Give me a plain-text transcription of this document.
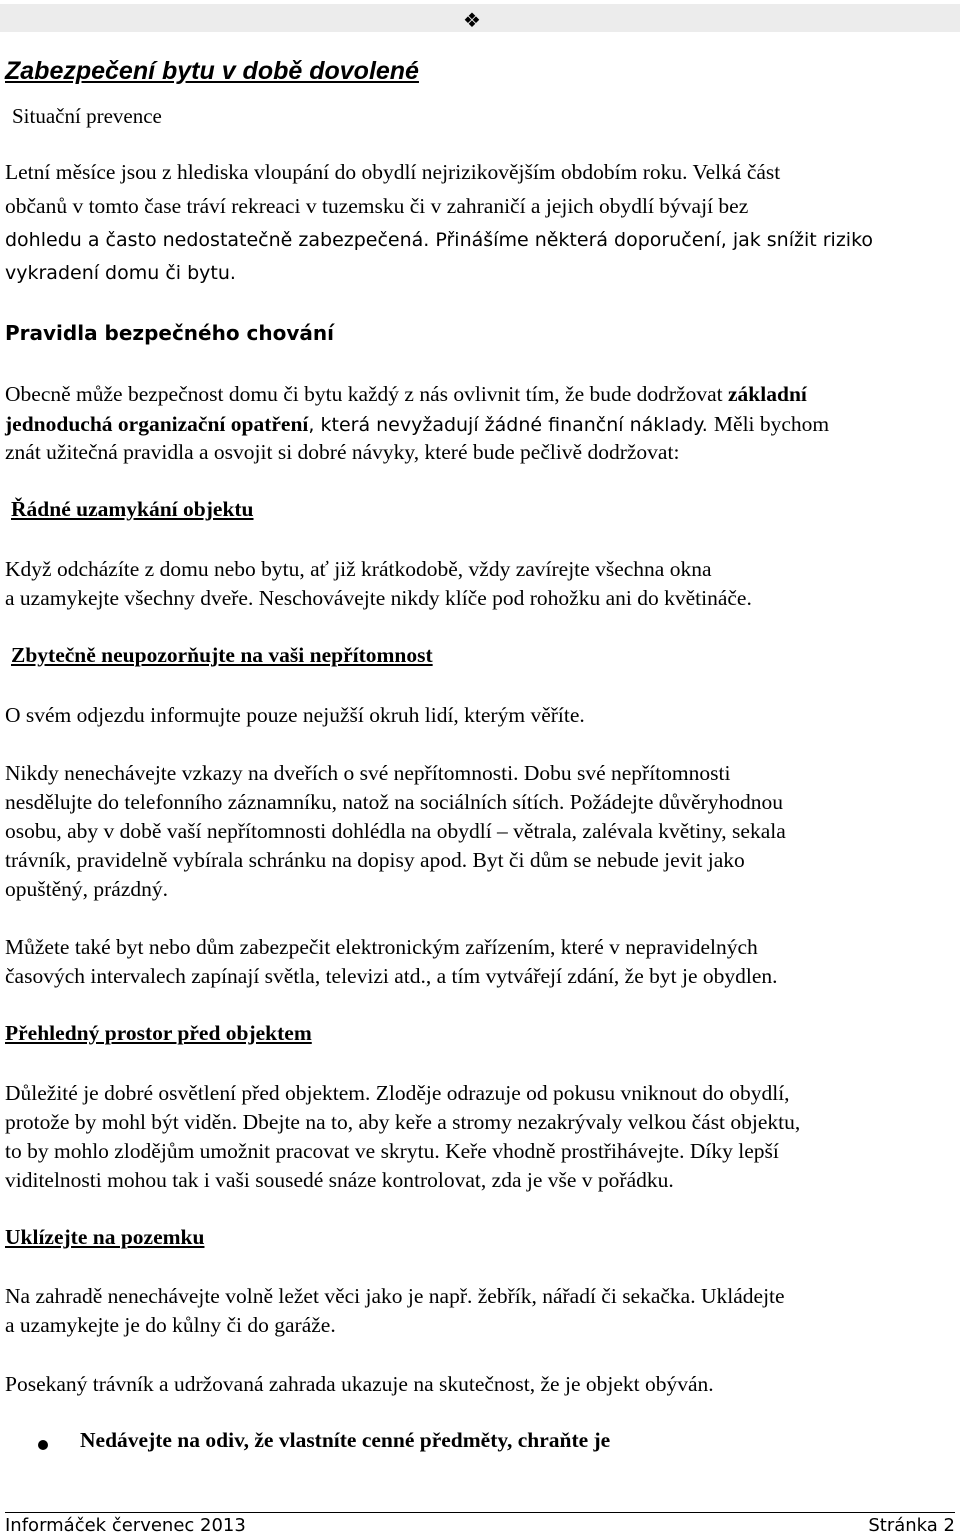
❖
Zabezpečení bytu v době dovolené
Situační prevence
Letní měsíce jsou z hlediska vloupání do obydlí nejrizikovějším obdobím roku. Velká část
občanů v tomto čase tráví rekreaci v tuzemsku či v zahraničí a jejich obydlí bývají bez
dohledu a často nedostatečně zabezpečená. Přinášíme některá doporučení, jak snížit riziko
vykradení domu či bytu.
Pravidla bezpečného chování
Obecně může bezpečnost domu či bytu každý z nás ovlivnit tím, že bude dodržovat základní
jednoduchá organizační opatření, která nevyžadují žádné finanční náklady. Měli bychom
znát užitečná pravidla a osvojit si dobré návyky, které bude pečlivě dodržovat:
Řádné uzamykání objektu
Když odcházíte z domu nebo bytu, ať již krátkodobě, vždy zavírejte všechna okna
a uzamykejte všechny dveře. Neschovávejte nikdy klíče pod rohožku ani do květináče.
Zbytečně neupozorňujte na vaši nepřítomnost
O svém odjezdu informujte pouze nejužší okruh lidí, kterým věříte.
Nikdy nenechávejte vzkazy na dveřích o své nepřítomnosti. Dobu své nepřítomnosti
nesdělujte do telefonního záznamníku, natož na sociálních sítích. Požádejte důvěryhodnou
osobu, aby v době vaší nepřítomnosti dohlédla na obydlí – větrala, zalévala květiny, sekala
trávník, pravidelně vybírala schránku na dopisy apod. Byt či dům se nebude jevit jako
opuštěný, prázdný.
Můžete také byt nebo dům zabezpečit elektronickým zařízením, které v nepravidelných
časových intervalech zapínají světla, televizi atd., a tím vytvářejí zdání, že byt je obydlen.
Přehledný prostor před objektem
Důležité je dobré osvětlení před objektem. Zloděje odrazuje od pokusu vniknout do obydlí,
protože by mohl být viděn. Dbejte na to, aby keře a stromy nezakrývaly velkou část objektu,
to by mohlo zlodějům umožnit pracovat ve skrytu. Keře vhodně prostřihávejte. Díky lepší
viditelnosti mohou tak i vaši sousedé snáze kontrolovat, zda je vše v pořádku.
Uklízejte na pozemku
Na zahradě nenechávejte volně ležet věci jako je např. žebřík, nářadí či sekačka. Ukládejte
a uzamykejte je do kůlny či do garáže.
Posekaný trávník a udržovaná zahrada ukazuje na skutečnost, že je objekt obýván.
Nedávejte na odiv, že vlastníte cenné předměty, chraňte je
Informáček červenec 2013	Stránka 2
